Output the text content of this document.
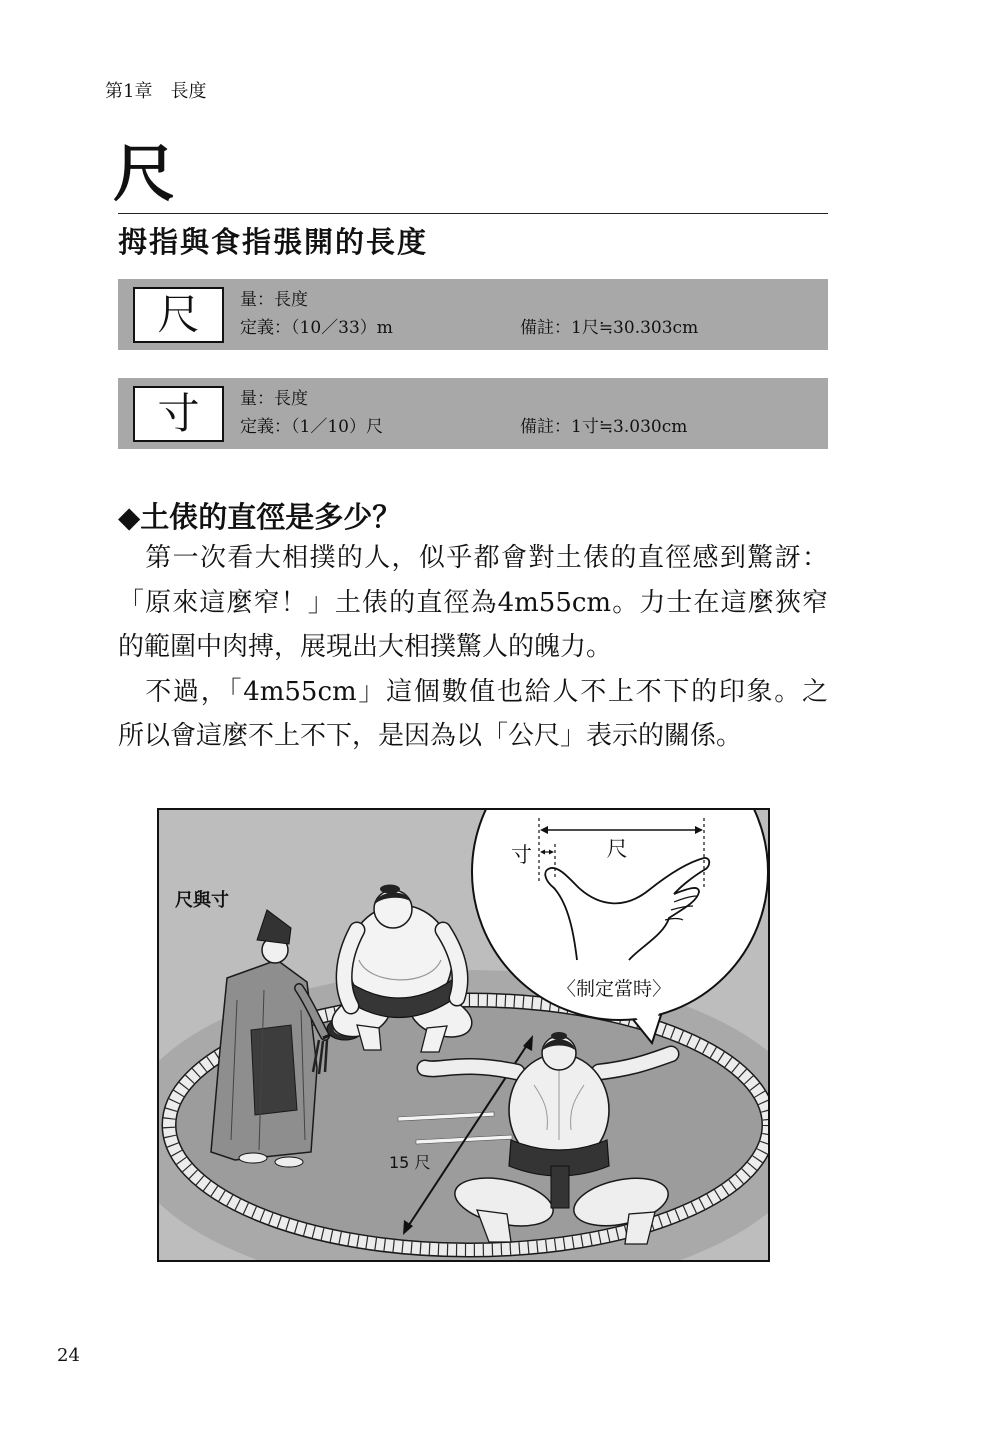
第1章　長度
尺
拇指與食指張開的長度
尺	量：長度
定義：（10／33）m	備註：1尺≒30.303cm
寸	量：長度
定義：（1／10）尺	備註：1寸≒3.030cm
◆土俵的直徑是多少？
第一次看大相撲的人，似乎都會對土俵的直徑感到驚訝：
「原來這麼窄！」土俵的直徑為4m55cm。力士在這麼狹窄
的範圍中肉搏，展現出大相撲驚人的魄力。
不過，「4m55cm」這個數值也給人不上不下的印象。之
所以會這麼不上不下，是因為以「公尺」表示的關係。
15 尺
寸	尺
〈制定當時〉
尺與寸
24
